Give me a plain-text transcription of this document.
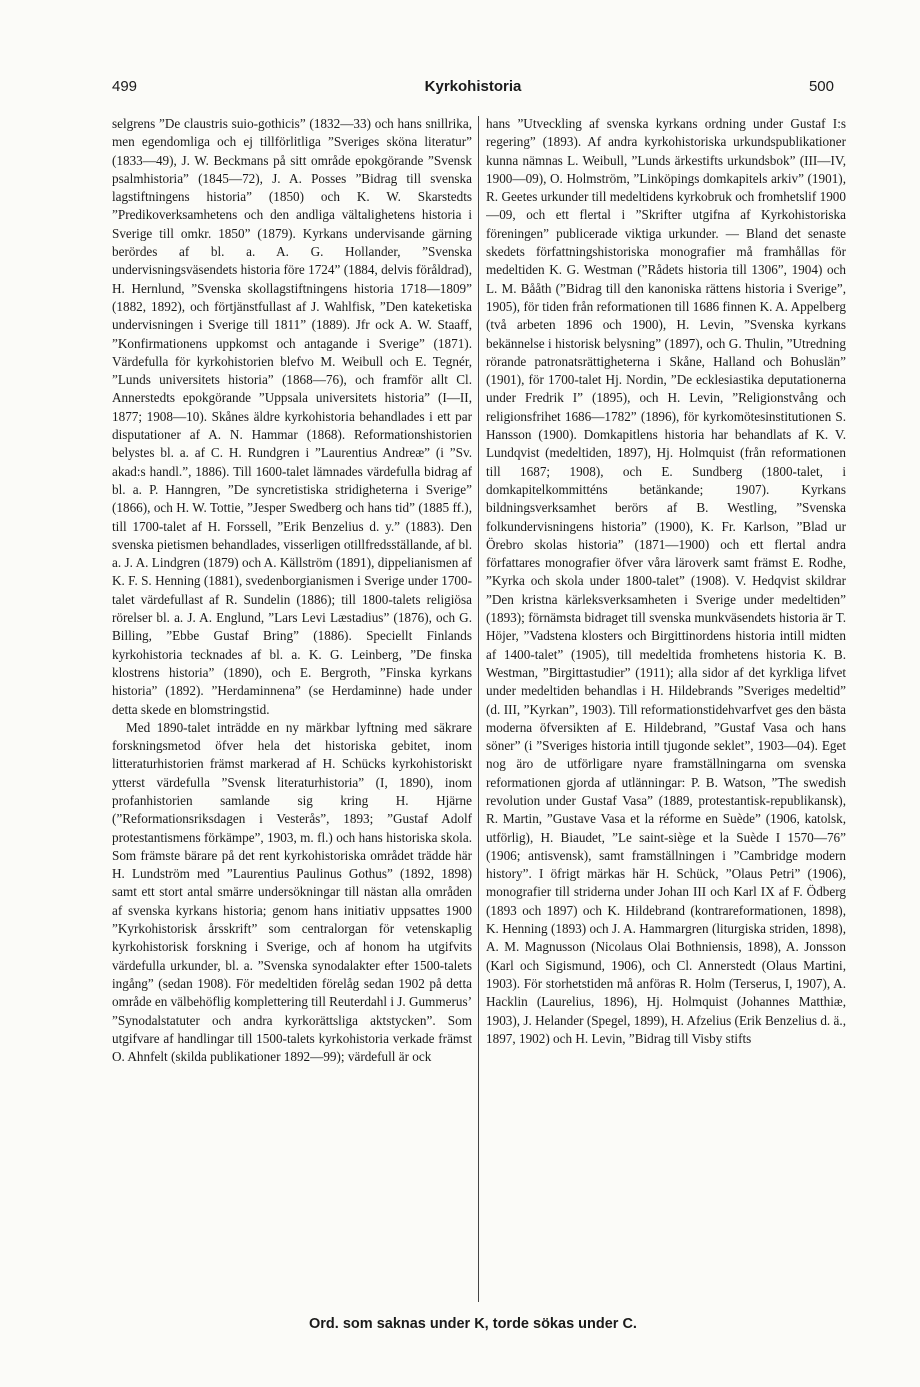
499	Kyrkohistoria	500

selgrens ”De claustris suio-gothicis” (1832—33) och hans snillrika, men egendomliga och ej tillförlitliga ”Sveriges sköna literatur” (1833—49), J. W. Beckmans på sitt område epokgörande ”Svensk psalmhistoria” (1845—72), J. A. Posses ”Bidrag till svenska lagstiftningens historia” (1850) och K. W. Skarstedts ”Predikoverksamhetens och den andliga vältalighetens historia i Sverige till omkr. 1850” (1879). Kyrkans undervisande gärning berördes af bl. a. A. G. Hollander, ”Svenska undervisningsväsendets historia före 1724” (1884, delvis föråldrad), H. Hernlund, ”Svenska skollagstiftningens historia 1718—1809” (1882, 1892), och förtjänstfullast af J. Wahlfisk, ”Den kateketiska undervisningen i Sverige till 1811” (1889). Jfr ock A. W. Staaff, ”Konfirmationens uppkomst och antagande i Sverige” (1871). Värdefulla för kyrkohistorien blefvo M. Weibull och E. Tegnér, ”Lunds universitets historia” (1868—76), och framför allt Cl. Annerstedts epokgörande ”Uppsala universitets historia” (I—II, 1877; 1908—10). Skånes äldre kyrkohistoria behandlades i ett par disputationer af A. N. Hammar (1868). Reformationshistorien belystes bl. a. af C. H. Rundgren i ”Laurentius Andreæ” (i ”Sv. akad:s handl.”, 1886). Till 1600-talet lämnades värdefulla bidrag af bl. a. P. Hanngren, ”De syncretistiska stridigheterna i Sverige” (1866), och H. W. Tottie, ”Jesper Swedberg och hans tid” (1885 ff.), till 1700-talet af H. Forssell, ”Erik Benzelius d. y.” (1883). Den svenska pietismen behandlades, visserligen otillfredsställande, af bl. a. J. A. Lindgren (1879) och A. Källström (1891), dippelianismen af K. F. S. Henning (1881), svedenborgianismen i Sverige under 1700-talet värdefullast af R. Sundelin (1886); till 1800-talets religiösa rörelser bl. a. J. A. Englund, ”Lars Levi Læstadius” (1876), och G. Billing, ”Ebbe Gustaf Bring” (1886). Speciellt Finlands kyrkohistoria tecknades af bl. a. K. G. Leinberg, ”De finska klostrens historia” (1890), och E. Bergroth, ”Finska kyrkans historia” (1892). ”Herdaminnena” (se Herdaminne) hade under detta skede en blomstringstid.

Med 1890-talet inträdde en ny märkbar lyftning med säkrare forskningsmetod öfver hela det historiska gebitet, inom litteraturhistorien främst markerad af H. Schücks kyrkohistoriskt ytterst värdefulla ”Svensk literaturhistoria” (I, 1890), inom profanhistorien samlande sig kring H. Hjärne (”Reformationsriksdagen i Vesterås”, 1893; ”Gustaf Adolf protestantismens förkämpe”, 1903, m. fl.) och hans historiska skola. Som främste bärare på det rent kyrkohistoriska området trädde här H. Lundström med ”Laurentius Paulinus Gothus” (1892, 1898) samt ett stort antal smärre undersökningar till nästan alla områden af svenska kyrkans historia; genom hans initiativ uppsattes 1900 ”Kyrkohistorisk årsskrift” som centralorgan för vetenskaplig kyrkohistorisk forskning i Sverige, och af honom ha utgifvits värdefulla urkunder, bl. a. ”Svenska synodalakter efter 1500-talets ingång” (sedan 1908). För medeltiden förelåg sedan 1902 på detta område en välbehöflig komplettering till Reuterdahl i J. Gummerus’ ”Synodalstatuter och andra kyrkorättsliga aktstycken”. Som utgifvare af handlingar till 1500-talets kyrkohistoria verkade främst O. Ahnfelt (skilda publikationer 1892—99); värdefull är ock

hans ”Utveckling af svenska kyrkans ordning under Gustaf I:s regering” (1893). Af andra kyrkohistoriska urkundspublikationer kunna nämnas L. Weibull, ”Lunds ärkestifts urkundsbok” (III—IV, 1900—09), O. Holmström, ”Linköpings domkapitels arkiv” (1901), R. Geetes urkunder till medeltidens kyrkobruk och fromhetslif 1900—09, och ett flertal i ”Skrifter utgifna af Kyrkohistoriska föreningen” publicerade viktiga urkunder. — Bland det senaste skedets författningshistoriska monografier må framhållas för medeltiden K. G. Westman (”Rådets historia till 1306”, 1904) och L. M. Bååth (”Bidrag till den kanoniska rättens historia i Sverige”, 1905), för tiden från reformationen till 1686 finnen K. A. Appelberg (två arbeten 1896 och 1900), H. Levin, ”Svenska kyrkans bekännelse i historisk belysning” (1897), och G. Thulin, ”Utredning rörande patronatsrättigheterna i Skåne, Halland och Bohuslän” (1901), för 1700-talet Hj. Nordin, ”De ecklesiastika deputationerna under Fredrik I” (1895), och H. Levin, ”Religionstvång och religionsfrihet 1686—1782” (1896), för kyrkomötesinstitutionen S. Hansson (1900). Domkapitlens historia har behandlats af K. V. Lundqvist (medeltiden, 1897), Hj. Holmquist (från reformationen till 1687; 1908), och E. Sundberg (1800-talet, i domkapitelkommitténs betänkande; 1907). Kyrkans bildningsverksamhet berörs af B. Westling, ”Svenska folkundervisningens historia” (1900), K. Fr. Karlson, ”Blad ur Örebro skolas historia” (1871—1900) och ett flertal andra författares monografier öfver våra läroverk samt främst E. Rodhe, ”Kyrka och skola under 1800-talet” (1908). V. Hedqvist skildrar ”Den kristna kärleksverksamheten i Sverige under medeltiden” (1893); förnämsta bidraget till svenska munkväsendets historia är T. Höjer, ”Vadstena klosters och Birgittinordens historia intill midten af 1400-talet” (1905), till medeltida fromhetens historia K. B. Westman, ”Birgittastudier” (1911); alla sidor af det kyrkliga lifvet under medeltiden behandlas i H. Hildebrands ”Sveriges medeltid” (d. III, ”Kyrkan”, 1903). Till reformationstidehvarfvet ges den bästa moderna öfversikten af E. Hildebrand, ”Gustaf Vasa och hans söner” (i ”Sveriges historia intill tjugonde seklet”, 1903—04). Eget nog äro de utförligare nyare framställningarna om svenska reformationen gjorda af utlänningar: P. B. Watson, ”The swedish revolution under Gustaf Vasa” (1889, protestantisk-republikansk), R. Martin, ”Gustave Vasa et la réforme en Suède” (1906, katolsk, utförlig), H. Biaudet, ”Le saint-siège et la Suède I 1570—76” (1906; antisvensk), samt framställningen i ”Cambridge modern history”. I öfrigt märkas här H. Schück, ”Olaus Petri” (1906), monografier till striderna under Johan III och Karl IX af F. Ödberg (1893 och 1897) och K. Hildebrand (kontrareformationen, 1898), K. Henning (1893) och J. A. Hammargren (liturgiska striden, 1898), A. M. Magnusson (Nicolaus Olai Bothniensis, 1898), A. Jonsson (Karl och Sigismund, 1906), och Cl. Annerstedt (Olaus Martini, 1903). För storhetstiden må anföras R. Holm (Terserus, I, 1907), A. Hacklin (Laurelius, 1896), Hj. Holmquist (Johannes Matthiæ, 1903), J. Helander (Spegel, 1899), H. Afzelius (Erik Benzelius d. ä., 1897, 1902) och H. Levin, ”Bidrag till Visby stifts

Ord. som saknas under K, torde sökas under C.
